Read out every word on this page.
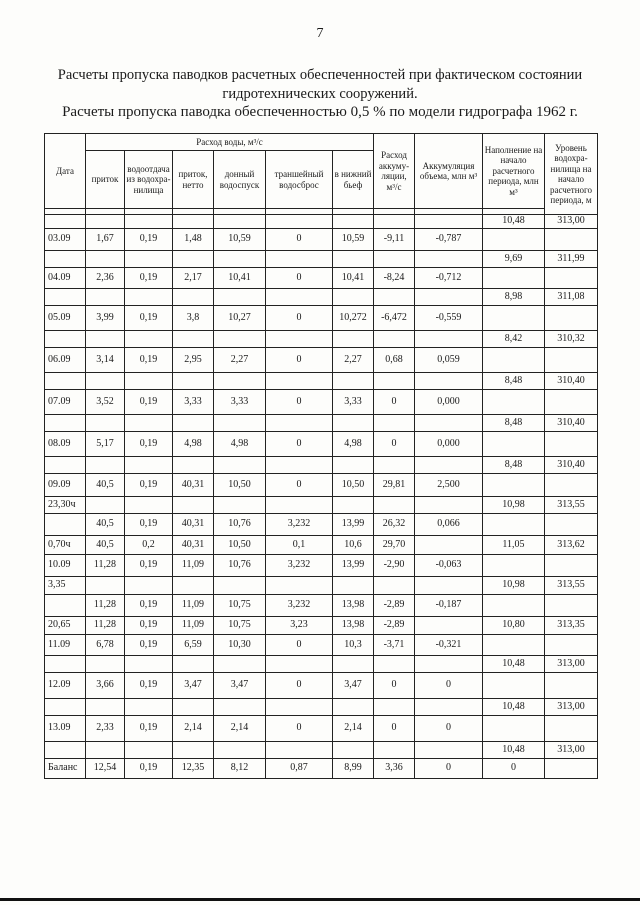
7
Расчеты пропуска паводков расчетных обеспеченностей при фактическом состоянии
гидротехнических сооружений.
Расчеты пропуска паводка обеспеченностью 0,5 % по модели гидрографа 1962 г.
Дата	Расход воды, м³/с						Расход аккуму-ляции, м³/с	Аккумуляция объема, млн м³	Наполнение на начало расчетного периода, млн м³	Уровень водохра-нилища на начало расчетного периода, м
	приток	водоотдача из водохра-нилища	приток, нетто	донный водоспуск	траншейный водосброс	в нижний бьеф				

									10,48	313,00
03.09	1,67	0,19	1,48	10,59	0	10,59	-9,11	-0,787		
									9,69	311,99
04.09	2,36	0,19	2,17	10,41	0	10,41	-8,24	-0,712		
									8,98	311,08
05.09	3,99	0,19	3,8	10,27	0	10,272	-6,472	-0,559		
									8,42	310,32
06.09	3,14	0,19	2,95	2,27	0	2,27	0,68	0,059		
									8,48	310,40
07.09	3,52	0,19	3,33	3,33	0	3,33	0	0,000		
									8,48	310,40
08.09	5,17	0,19	4,98	4,98	0	4,98	0	0,000		
									8,48	310,40
09.09	40,5	0,19	40,31	10,50	0	10,50	29,81	2,500		
23,30ч									10,98	313,55
	40,5	0,19	40,31	10,76	3,232	13,99	26,32	0,066		
0,70ч	40,5	0,2	40,31	10,50	0,1	10,6	29,70		11,05	313,62
10.09	11,28	0,19	11,09	10,76	3,232	13,99	-2,90	-0,063		
3,35									10,98	313,55
	11,28	0,19	11,09	10,75	3,232	13,98	-2,89	-0,187		
20,65	11,28	0,19	11,09	10,75	3,23	13,98	-2,89		10,80	313,35
11.09	6,78	0,19	6,59	10,30	0	10,3	-3,71	-0,321		
									10,48	313,00
12.09	3,66	0,19	3,47	3,47	0	3,47	0	0		
									10,48	313,00
13.09	2,33	0,19	2,14	2,14	0	2,14	0	0		
									10,48	313,00
Баланс	12,54	0,19	12,35	8,12	0,87	8,99	3,36	0	0	
